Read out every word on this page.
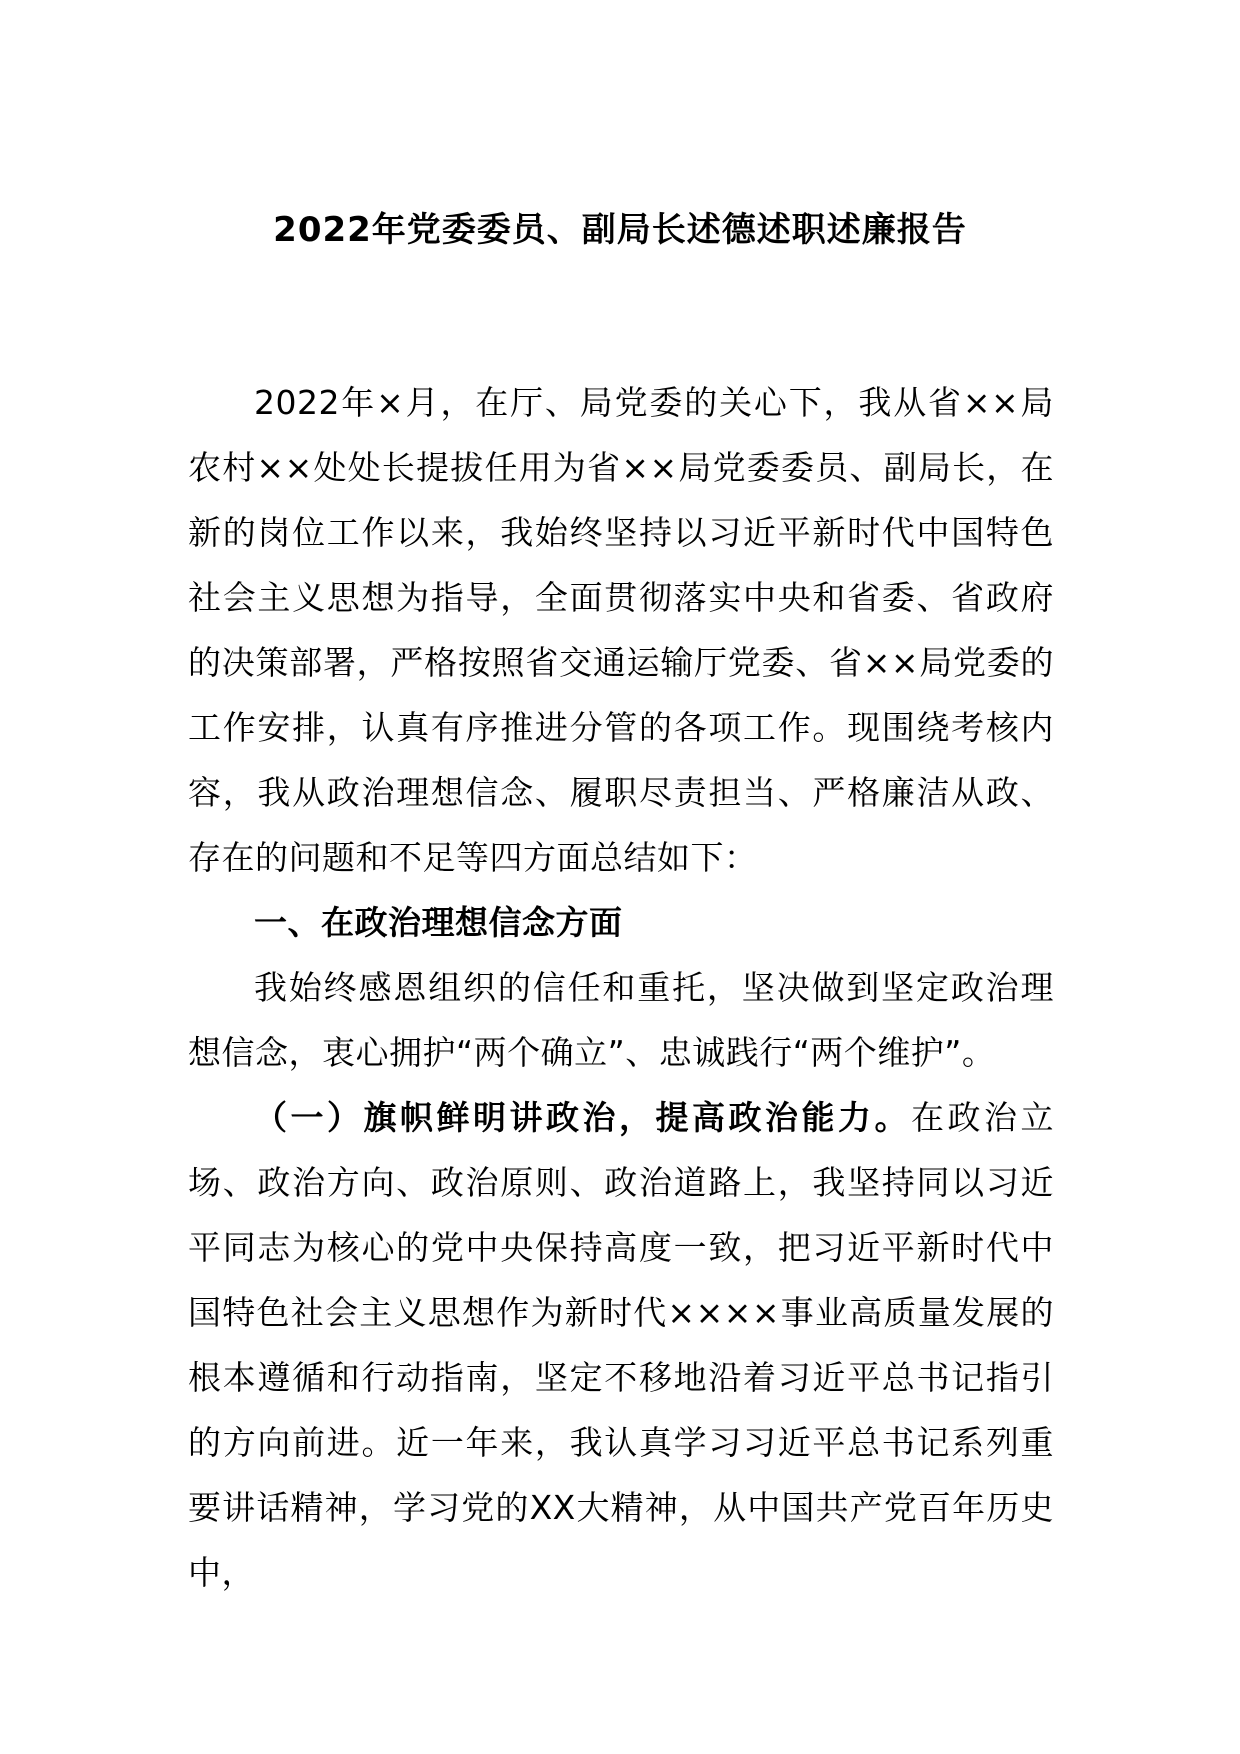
2022年党委委员、副局长述德述职述廉报告

2022年×月，在厅、局党委的关心下，我从省××局农村××处处长提拔任用为省××局党委委员、副局长，在新的岗位工作以来，我始终坚持以习近平新时代中国特色社会主义思想为指导，全面贯彻落实中央和省委、省政府的决策部署，严格按照省交通运输厅党委、省××局党委的工作安排，认真有序推进分管的各项工作。现围绕考核内容，我从政治理想信念、履职尽责担当、严格廉洁从政、存在的问题和不足等四方面总结如下：

一、在政治理想信念方面

我始终感恩组织的信任和重托，坚决做到坚定政治理想信念，衷心拥护“两个确立”、忠诚践行“两个维护”。

（一）旗帜鲜明讲政治，提高政治能力。在政治立场、政治方向、政治原则、政治道路上，我坚持同以习近平同志为核心的党中央保持高度一致，把习近平新时代中国特色社会主义思想作为新时代××××事业高质量发展的根本遵循和行动指南，坚定不移地沿着习近平总书记指引的方向前进。近一年来，我认真学习习近平总书记系列重要讲话精神，学习党的XX大精神，从中国共产党百年历史中，
